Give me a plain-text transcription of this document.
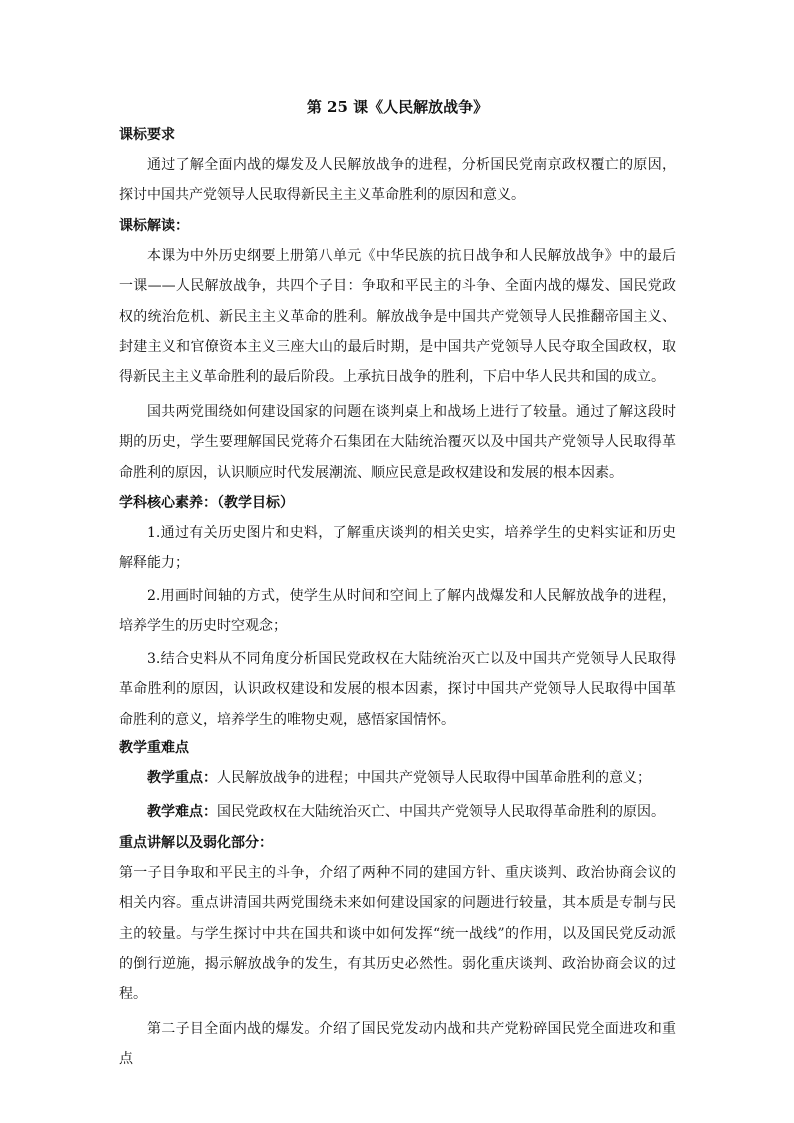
第 25 课《人民解放战争》
课标要求

通过了解全面内战的爆发及人民解放战争的进程，分析国民党南京政权覆亡的原因，探讨中国共产党领导人民取得新民主主义革命胜利的原因和意义。

课标解读：

本课为中外历史纲要上册第八单元《中华民族的抗日战争和人民解放战争》中的最后一课——人民解放战争，共四个子目：争取和平民主的斗争、全面内战的爆发、国民党政权的统治危机、新民主主义革命的胜利。解放战争是中国共产党领导人民推翻帝国主义、封建主义和官僚资本主义三座大山的最后时期，是中国共产党领导人民夺取全国政权，取得新民主主义革命胜利的最后阶段。上承抗日战争的胜利，下启中华人民共和国的成立。

国共两党围绕如何建设国家的问题在谈判桌上和战场上进行了较量。通过了解这段时期的历史，学生要理解国民党蒋介石集团在大陆统治覆灭以及中国共产党领导人民取得革命胜利的原因，认识顺应时代发展潮流、顺应民意是政权建设和发展的根本因素。

学科核心素养：（教学目标）

1.通过有关历史图片和史料，了解重庆谈判的相关史实，培养学生的史料实证和历史解释能力；

2.用画时间轴的方式，使学生从时间和空间上了解内战爆发和人民解放战争的进程，培养学生的历史时空观念；

3.结合史料从不同角度分析国民党政权在大陆统治灭亡以及中国共产党领导人民取得革命胜利的原因，认识政权建设和发展的根本因素，探讨中国共产党领导人民取得中国革命胜利的意义，培养学生的唯物史观，感悟家国情怀。

教学重难点

教学重点：人民解放战争的进程；中国共产党领导人民取得中国革命胜利的意义；

教学难点：国民党政权在大陆统治灭亡、中国共产党领导人民取得革命胜利的原因。

重点讲解以及弱化部分：

第一子目争取和平民主的斗争，介绍了两种不同的建国方针、重庆谈判、政治协商会议的相关内容。重点讲清国共两党围绕未来如何建设国家的问题进行较量，其本质是专制与民主的较量。与学生探讨中共在国共和谈中如何发挥“统一战线”的作用，以及国民党反动派的倒行逆施，揭示解放战争的发生，有其历史必然性。弱化重庆谈判、政治协商会议的过程。

第二子目全面内战的爆发。介绍了国民党发动内战和共产党粉碎国民党全面进攻和重点
